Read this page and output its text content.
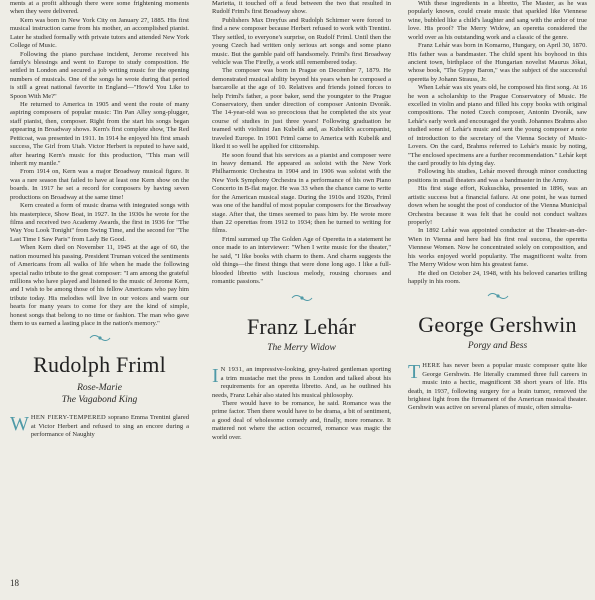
ments at a profit although there were some frightening moments when they were delivered.

Kern was born in New York City on January 27, 1885. His first musical instruction came from his mother, an accomplished pianist. Later he studied formally with private tutors and attended New York College of Music.

Following the piano purchase incident, Jerome received his family's blessings and went to Europe to study composition. He settled in London and secured a job writing music for the opening numbers of musicals. One of the songs he wrote during that period is still a great national favorite in England—"How'd You Like to Spoon With Me?"

He returned to America in 1905 and went the route of many aspiring composers of popular music: Tin Pan Alley song-plugger, staff pianist, then, composer. Right from the start his songs began appearing in Broadway shows. Kern's first complete show, The Red Petticoat, was presented in 1911. In 1914 he enjoyed his first smash success, The Girl from Utah. Victor Herbert is reputed to have said, after hearing Kern's music for this production, "This man will inherit my mantle."

From 1914 on, Kern was a major Broadway musical figure. It was a rare season that failed to have at least one Kern show on the boards. In 1917 he set a record for composers by having seven productions on Broadway at the same time!

Kern created a form of music drama with integrated songs with his masterpiece, Show Boat, in 1927. In the 1930s he wrote for the films and received two Academy Awards, the first in 1936 for "The Way You Look Tonight" from Swing Time, and the second for "The Last Time I Saw Paris" from Lady Be Good.

When Kern died on November 11, 1945 at the age of 60, the nation mourned his passing. President Truman voiced the sentiments of Americans from all walks of life when he made the following special radio tribute to the great composer: "I am among the grateful millions who have played and listened to the music of Jerome Kern, and I wish to be among those of his fellow Americans who pay him tribute today. His melodies will live in our voices and warm our hearts for many years to come for they are the kind of simple, honest songs that belong to no time or fashion. The man who gave them to us earned a lasting place in the nation's memory."

Rudolph Friml

Rose-Marie

The Vagabond King

WHEN FIERY-TEMPERED soprano Emma Trentini glared at Victor Herbert and refused to sing an encore during a performance of Naughty

Marietta, it touched off a feud between the two that resulted in Rudolf Friml's first Broadway show.

Publishers Max Dreyfus and Rudolph Schirmer were forced to find a new composer because Herbert refused to work with Trentini. They settled, to everyone's surprise, on Rudolf Friml. Until then the young Czech had written only serious art songs and some piano music. But the gamble paid off handsomely. Friml's first Broadway vehicle was The Firefly, a work still remembered today.

The composer was born in Prague on December 7, 1879. He demonstrated musical ability beyond his years when he composed a barcarolle at the age of 10. Relatives and friends joined forces to help Friml's father, a poor baker, send the youngster to the Prague Conservatory, then under direction of composer Antonin Dvorák. The 14-year-old was so precocious that he completed the six year course of studies in just three years! Following graduation he teamed with violinist Jan Kubelik and, as Kubelik's accompanist, traveled Europe. In 1901 Friml came to America with Kubelik and liked it so well he applied for citizenship.

He soon found that his services as a pianist and composer were in heavy demand. He appeared as soloist with the New York Philharmonic Orchestra in 1904 and in 1906 was soloist with the New York Symphony Orchestra in a performance of his own Piano Concerto in B-flat major. He was 33 when the chance came to write for the American musical stage. During the 1910s and 1920s, Friml was one of the handful of most popular composers for the Broadway stage. After that, the times seemed to pass him by. He wrote more than 22 operettas from 1912 to 1934; then he turned to writing for films.

Friml summed up The Golden Age of Operetta in a statement he once made to an interviewer: "When I write music for the theater," he said, "I like books with charm to them. And charm suggests the old things—the finest things that were done long ago. I like a full-blooded libretto with luscious melody, rousing choruses and romantic passions."

Franz Lehár

The Merry Widow

I N 1931, an impressive-looking, grey-haired gentleman sporting a trim mustache met the press in London and talked about his requirements for an operetta libretto. And, as he outlined his needs, Franz Lehár also stated his musical philosophy.

There would have to be romance, he said. Romance was the prime factor. Then there would have to be drama, a bit of sentiment, a good deal of wholesome comedy and, finally, more romance. It mattered not where the action occurred, romance was magic the world over.

With these ingredients in a libretto, The Master, as he was popularly known, could create music that sparkled like Viennese wine, bubbled like a child's laughter and sang with the ardor of true love. His proof? The Merry Widow, an operetta considered the world over as his outstanding work and a classic of the genre.

Franz Lehár was born in Komarno, Hungary, on April 30, 1870. His father was a bandmaster. The child spent his boyhood in this ancient town, birthplace of the Hungarian novelist Maurus Jókai, whose book, "The Gypsy Baron," was the subject of the successful operetta by Johann Strauss, Jr.

When Lehár was six years old, he composed his first song. At 16 he won a scholarship to the Prague Conservatory of Music. He excelled in violin and piano and filled his copy books with original compositions. The noted Czech composer, Antonin Dvorák, saw Lehár's early work and encouraged the youth. Johannes Brahms also studied some of Lehár's music and sent the young composer a note of introduction to the secretary of the Vienna Society of Music-Lovers. On the card, Brahms referred to Lehár's music by noting, "The enclosed specimens are a further recommendation." Lehár kept the card proudly to his dying day.

Following his studies, Lehár moved through minor conducting positions in small theaters and was a bandmaster in the Army.

His first stage effort, Kukuschka, presented in 1896, was an artistic success but a financial failure. At one point, he was turned down when he sought the post of conductor of the Vienna Municipal Orchestra because it was felt that he could not conduct waltzes properly!

In 1892 Lehár was appointed conductor at the Theater-an-der-Wien in Vienna and here had his first real success, the operetta Viennese Women. Now he concentrated solely on composition, and his works enjoyed world popularity. The magnificent waltz from The Merry Widow won him his greatest fame.

He died on October 24, 1948, with his beloved canaries trilling happily in his room.

George Gershwin

Porgy and Bess

THERE has never been a popular music composer quite like George Gershwin. He literally crammed three full careers in music into a hectic, magnificent 38 short years of life. His death, in 1937, following surgery for a brain tumor, removed the brightest light from the firmament of the American musical theater. Gershwin was active on several planes of music, often simulta-

18
